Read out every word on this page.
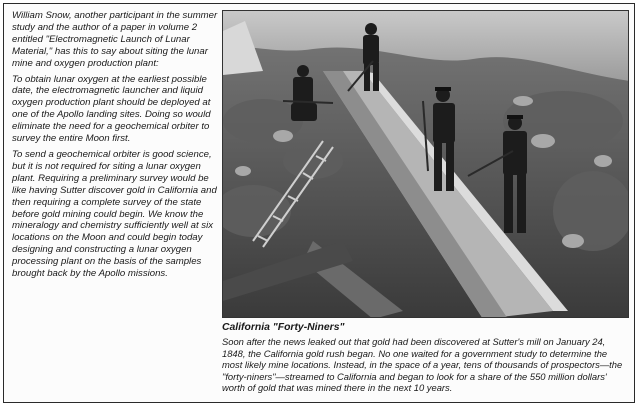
William Snow, another participant in the summer study and the author of a paper in volume 2 entitled "Electromagnetic Launch of Lunar Material," has this to say about siting the lunar mine and oxygen production plant:

To obtain lunar oxygen at the earliest possible date, the electromagnetic launcher and liquid oxygen production plant should be deployed at one of the Apollo landing sites. Doing so would eliminate the need for a geochemical orbiter to survey the entire Moon first.

To send a geochemical orbiter is good science, but it is not required for siting a lunar oxygen plant. Requiring a preliminary survey would be like having Sutter discover gold in California and then requiring a complete survey of the state before gold mining could begin. We know the mineralogy and chemistry sufficiently well at six locations on the Moon and could begin today designing and constructing a lunar oxygen processing plant on the basis of the samples brought back by the Apollo missions.

California "Forty-Niners"
Soon after the news leaked out that gold had been discovered at Sutter's mill on January 24, 1848, the California gold rush began. No one waited for a government study to determine the most likely mine locations. Instead, in the space of a year, tens of thousands of prospectors—the "forty-niners"—streamed to California and began to look for a share of the 550 million dollars' worth of gold that was mined there in the next 10 years.
